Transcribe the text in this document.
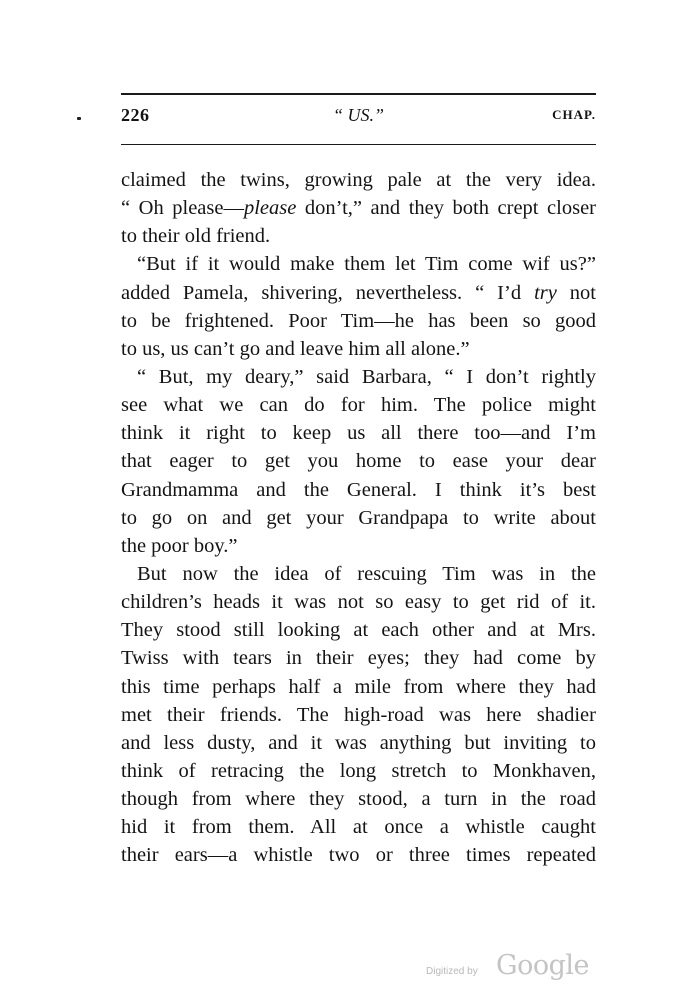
226	“ US.”	CHAP.
claimed the twins, growing pale at the very idea.
“ Oh please—please don’t,” and they both crept closer
to their old friend.
“But if it would make them let Tim come wif us?”
added Pamela, shivering, nevertheless. “ I’d try not
to be frightened. Poor Tim—he has been so good
to us, us can’t go and leave him all alone.”
“ But, my deary,” said Barbara, “ I don’t rightly
see what we can do for him. The police might
think it right to keep us all there too—and I’m
that eager to get you home to ease your dear
Grandmamma and the General. I think it’s best
to go on and get your Grandpapa to write about
the poor boy.”
But now the idea of rescuing Tim was in the
children’s heads it was not so easy to get rid of it.
They stood still looking at each other and at Mrs.
Twiss with tears in their eyes; they had come by
this time perhaps half a mile from where they had
met their friends. The high-road was here shadier
and less dusty, and it was anything but inviting to
think of retracing the long stretch to Monkhaven,
though from where they stood, a turn in the road
hid it from them. All at once a whistle caught
their ears—a whistle two or three times repeated
Digitized by Google
